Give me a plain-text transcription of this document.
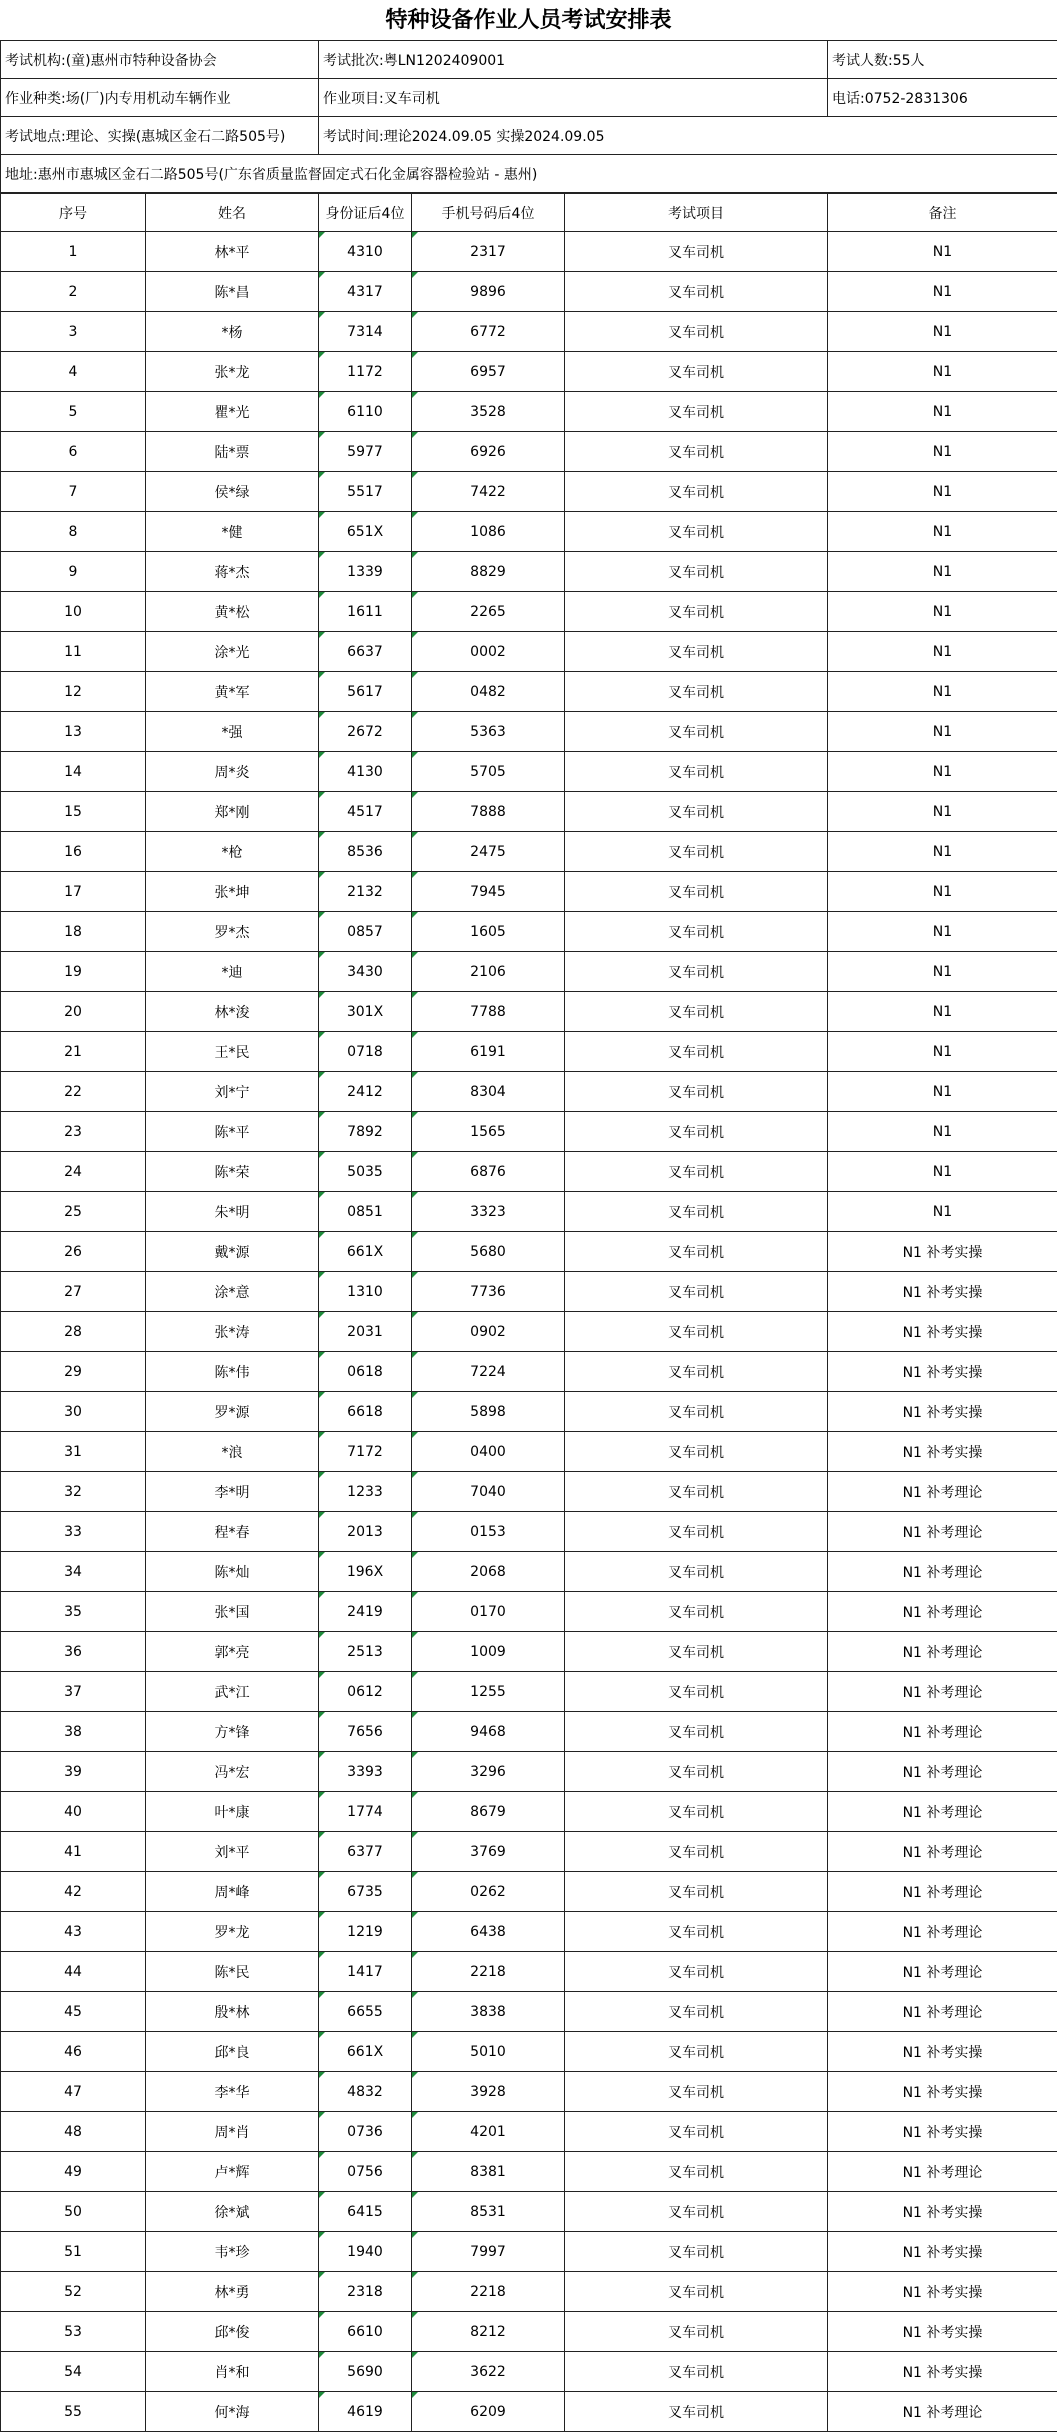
特种设备作业人员考试安排表
考试机构:(童)惠州市特种设备协会	考试批次:粤LN1202409001	考试人数:55人
作业种类:场(厂)内专用机动车辆作业	作业项目:叉车司机	电话:0752-2831306
考试地点:理论、实操(惠城区金石二路505号)	考试时间:理论2024.09.05 实操2024.09.05	
地址:惠州市惠城区金石二路505号(广东省质量监督固定式石化金属容器检验站 - 惠州)		
序号	姓名	身份证后4位	手机号码后4位	考试项目	备注
1	林*平	4310	2317	叉车司机	N1
2	陈*昌	4317	9896	叉车司机	N1
3	*杨	7314	6772	叉车司机	N1
4	张*龙	1172	6957	叉车司机	N1
5	瞿*光	6110	3528	叉车司机	N1
6	陆*票	5977	6926	叉车司机	N1
7	侯*绿	5517	7422	叉车司机	N1
8	*健	651X	1086	叉车司机	N1
9	蒋*杰	1339	8829	叉车司机	N1
10	黄*松	1611	2265	叉车司机	N1
11	涂*光	6637	0002	叉车司机	N1
12	黄*军	5617	0482	叉车司机	N1
13	*强	2672	5363	叉车司机	N1
14	周*炎	4130	5705	叉车司机	N1
15	郑*刚	4517	7888	叉车司机	N1
16	*枪	8536	2475	叉车司机	N1
17	张*坤	2132	7945	叉车司机	N1
18	罗*杰	0857	1605	叉车司机	N1
19	*迪	3430	2106	叉车司机	N1
20	林*浚	301X	7788	叉车司机	N1
21	王*民	0718	6191	叉车司机	N1
22	刘*宁	2412	8304	叉车司机	N1
23	陈*平	7892	1565	叉车司机	N1
24	陈*荣	5035	6876	叉车司机	N1
25	朱*明	0851	3323	叉车司机	N1
26	戴*源	661X	5680	叉车司机	N1 补考实操
27	涂*意	1310	7736	叉车司机	N1 补考实操
28	张*涛	2031	0902	叉车司机	N1 补考实操
29	陈*伟	0618	7224	叉车司机	N1 补考实操
30	罗*源	6618	5898	叉车司机	N1 补考实操
31	*浪	7172	0400	叉车司机	N1 补考实操
32	李*明	1233	7040	叉车司机	N1 补考理论
33	程*春	2013	0153	叉车司机	N1 补考理论
34	陈*灿	196X	2068	叉车司机	N1 补考理论
35	张*国	2419	0170	叉车司机	N1 补考理论
36	郭*亮	2513	1009	叉车司机	N1 补考理论
37	武*江	0612	1255	叉车司机	N1 补考理论
38	方*锋	7656	9468	叉车司机	N1 补考理论
39	冯*宏	3393	3296	叉车司机	N1 补考理论
40	叶*康	1774	8679	叉车司机	N1 补考理论
41	刘*平	6377	3769	叉车司机	N1 补考理论
42	周*峰	6735	0262	叉车司机	N1 补考理论
43	罗*龙	1219	6438	叉车司机	N1 补考理论
44	陈*民	1417	2218	叉车司机	N1 补考理论
45	殷*林	6655	3838	叉车司机	N1 补考理论
46	邱*良	661X	5010	叉车司机	N1 补考实操
47	李*华	4832	3928	叉车司机	N1 补考实操
48	周*肖	0736	4201	叉车司机	N1 补考实操
49	卢*辉	0756	8381	叉车司机	N1 补考理论
50	徐*斌	6415	8531	叉车司机	N1 补考实操
51	韦*珍	1940	7997	叉车司机	N1 补考实操
52	林*勇	2318	2218	叉车司机	N1 补考实操
53	邱*俊	6610	8212	叉车司机	N1 补考实操
54	肖*和	5690	3622	叉车司机	N1 补考实操
55	何*海	4619	6209	叉车司机	N1 补考理论
